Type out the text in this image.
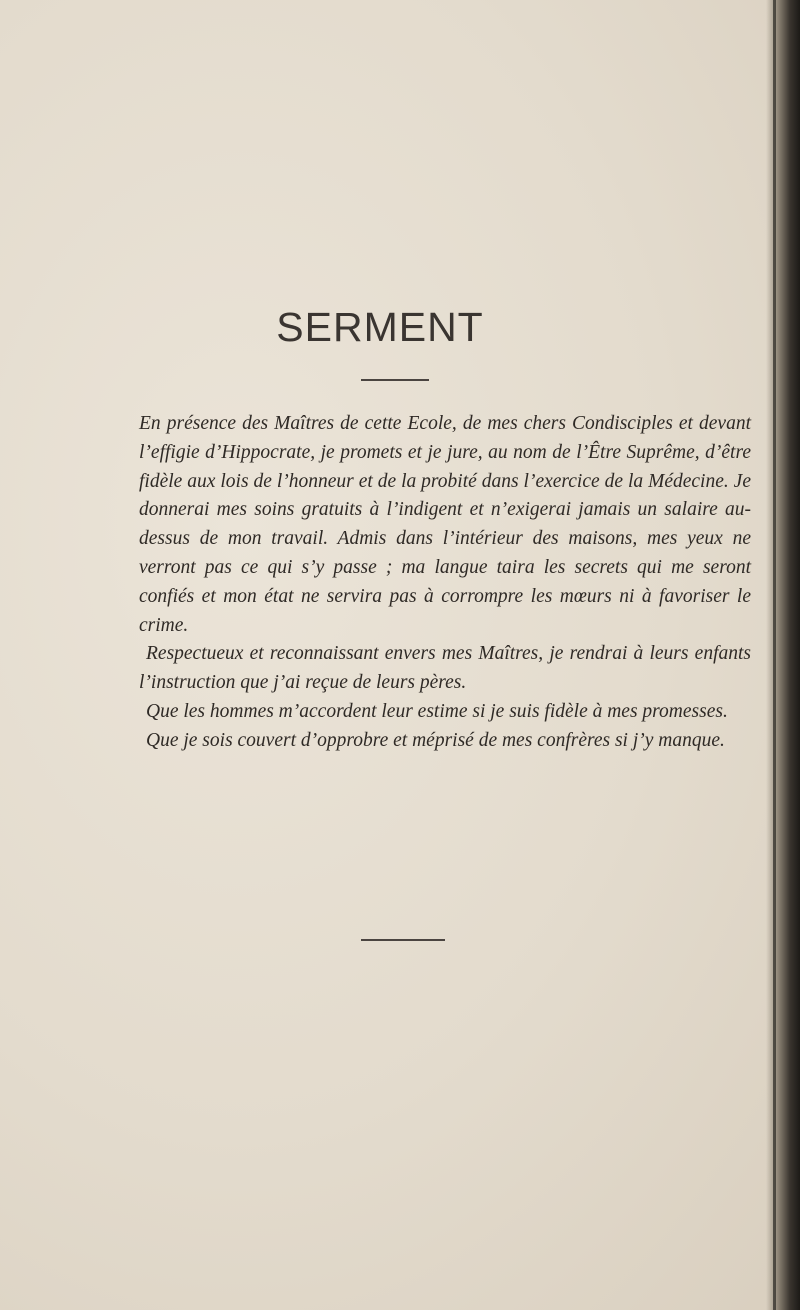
SERMENT

En présence des Maîtres de cette Ecole, de mes chers Condisciples et devant l’effigie d’Hippocrate, je promets et je jure, au nom de l’Être Suprême, d’être fidèle aux lois de l’honneur et de la probité dans l’exercice de la Médecine. Je donnerai mes soins gratuits à l’indigent et n’exigerai jamais un salaire au-dessus de mon travail. Admis dans l’intérieur des maisons, mes yeux ne verront pas ce qui s’y passe ; ma langue taira les secrets qui me seront confiés et mon état ne servira pas à corrompre les mœurs ni à favoriser le crime.

Respectueux et reconnaissant envers mes Maîtres, je rendrai à leurs enfants l’instruction que j’ai reçue de leurs pères.

Que les hommes m’accordent leur estime si je suis fidèle à mes promesses.

Que je sois couvert d’opprobre et méprisé de mes confrères si j’y manque.
